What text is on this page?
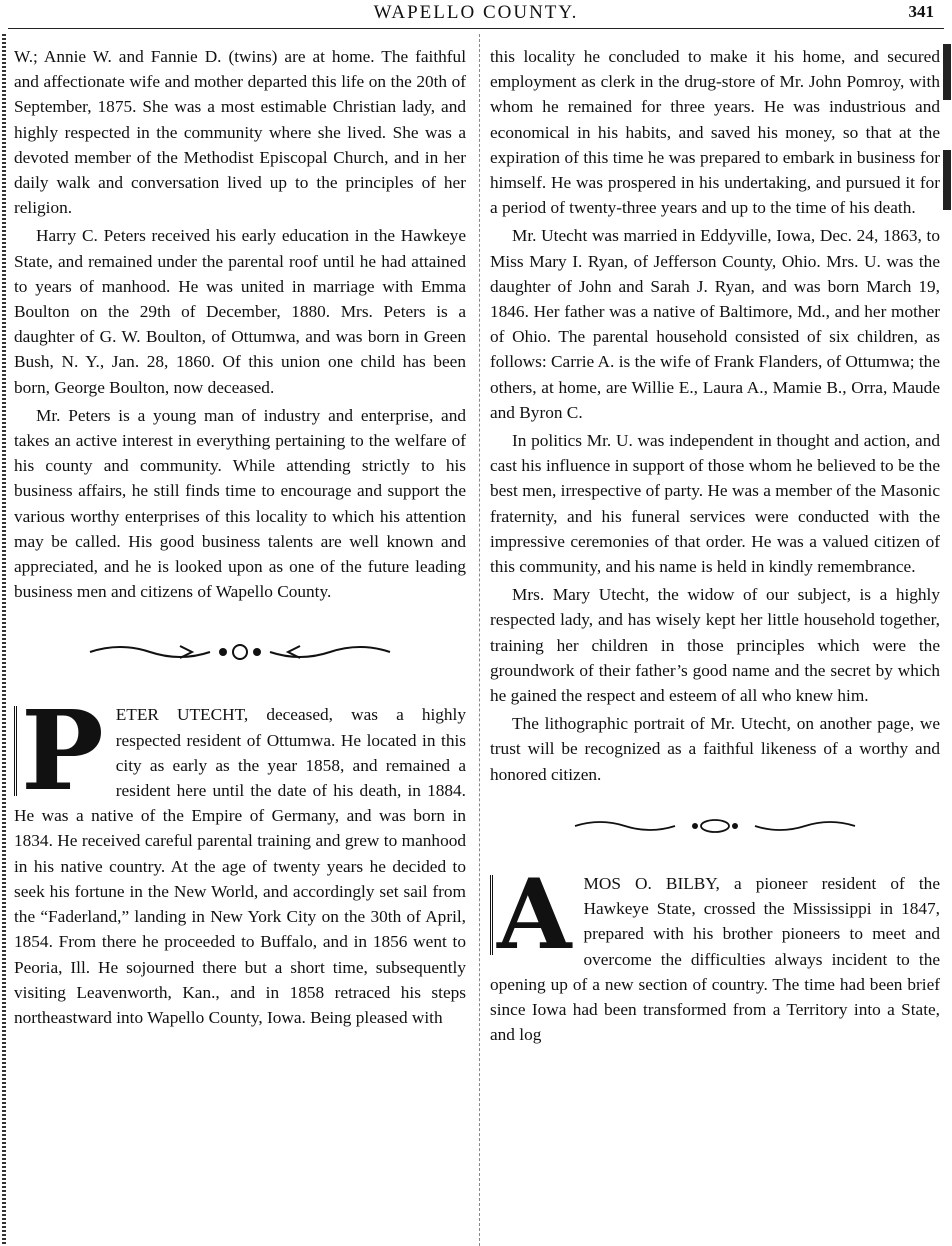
WAPELLO COUNTY.	341

W.; Annie W. and Fannie D. (twins) are at home. The faithful and affectionate wife and mother departed this life on the 20th of September, 1875. She was a most estimable Christian lady, and highly respected in the community where she lived. She was a devoted member of the Methodist Episcopal Church, and in her daily walk and conversation lived up to the principles of her religion.

Harry C. Peters received his early education in the Hawkeye State, and remained under the parental roof until he had attained to years of manhood. He was united in marriage with Emma Boulton on the 29th of December, 1880. Mrs. Peters is a daughter of G. W. Boulton, of Ottumwa, and was born in Green Bush, N. Y., Jan. 28, 1860. Of this union one child has been born, George Boulton, now deceased.

Mr. Peters is a young man of industry and enterprise, and takes an active interest in everything pertaining to the welfare of his county and community. While attending strictly to his business affairs, he still finds time to encourage and support the various worthy enterprises of this locality to which his attention may be called. His good business talents are well known and appreciated, and he is looked upon as one of the future leading business men and citizens of Wapello County.

P ETER UTECHT, deceased, was a highly respected resident of Ottumwa. He located in this city as early as the year 1858, and remained a resident here until the date of his death, in 1884. He was a native of the Empire of Germany, and was born in 1834. He received careful parental training and grew to manhood in his native country. At the age of twenty years he decided to seek his fortune in the New World, and accordingly set sail from the “Faderland,” landing in New York City on the 30th of April, 1854. From there he proceeded to Buffalo, and in 1856 went to Peoria, Ill. He sojourned there but a short time, subsequently visiting Leavenworth, Kan., and in 1858 retraced his steps northeastward into Wapello County, Iowa. Being pleased with

this locality he concluded to make it his home, and secured employment as clerk in the drug-store of Mr. John Pomroy, with whom he remained for three years. He was industrious and economical in his habits, and saved his money, so that at the expiration of this time he was prepared to embark in business for himself. He was prospered in his undertaking, and pursued it for a period of twenty-three years and up to the time of his death.

Mr. Utecht was married in Eddyville, Iowa, Dec. 24, 1863, to Miss Mary I. Ryan, of Jefferson County, Ohio. Mrs. U. was the daughter of John and Sarah J. Ryan, and was born March 19, 1846. Her father was a native of Baltimore, Md., and her mother of Ohio. The parental household consisted of six children, as follows: Carrie A. is the wife of Frank Flanders, of Ottumwa; the others, at home, are Willie E., Laura A., Mamie B., Orra, Maude and Byron C.

In politics Mr. U. was independent in thought and action, and cast his influence in support of those whom he believed to be the best men, irrespective of party. He was a member of the Masonic fraternity, and his funeral services were conducted with the impressive ceremonies of that order. He was a valued citizen of this community, and his name is held in kindly remembrance.

Mrs. Mary Utecht, the widow of our subject, is a highly respected lady, and has wisely kept her little household together, training her children in those principles which were the groundwork of their father’s good name and the secret by which he gained the respect and esteem of all who knew him.

The lithographic portrait of Mr. Utecht, on another page, we trust will be recognized as a faithful likeness of a worthy and honored citizen.

A MOS O. BILBY, a pioneer resident of the Hawkeye State, crossed the Mississippi in 1847, prepared with his brother pioneers to meet and overcome the difficulties always incident to the opening up of a new section of country. The time had been brief since Iowa had been transformed from a Territory into a State, and log
